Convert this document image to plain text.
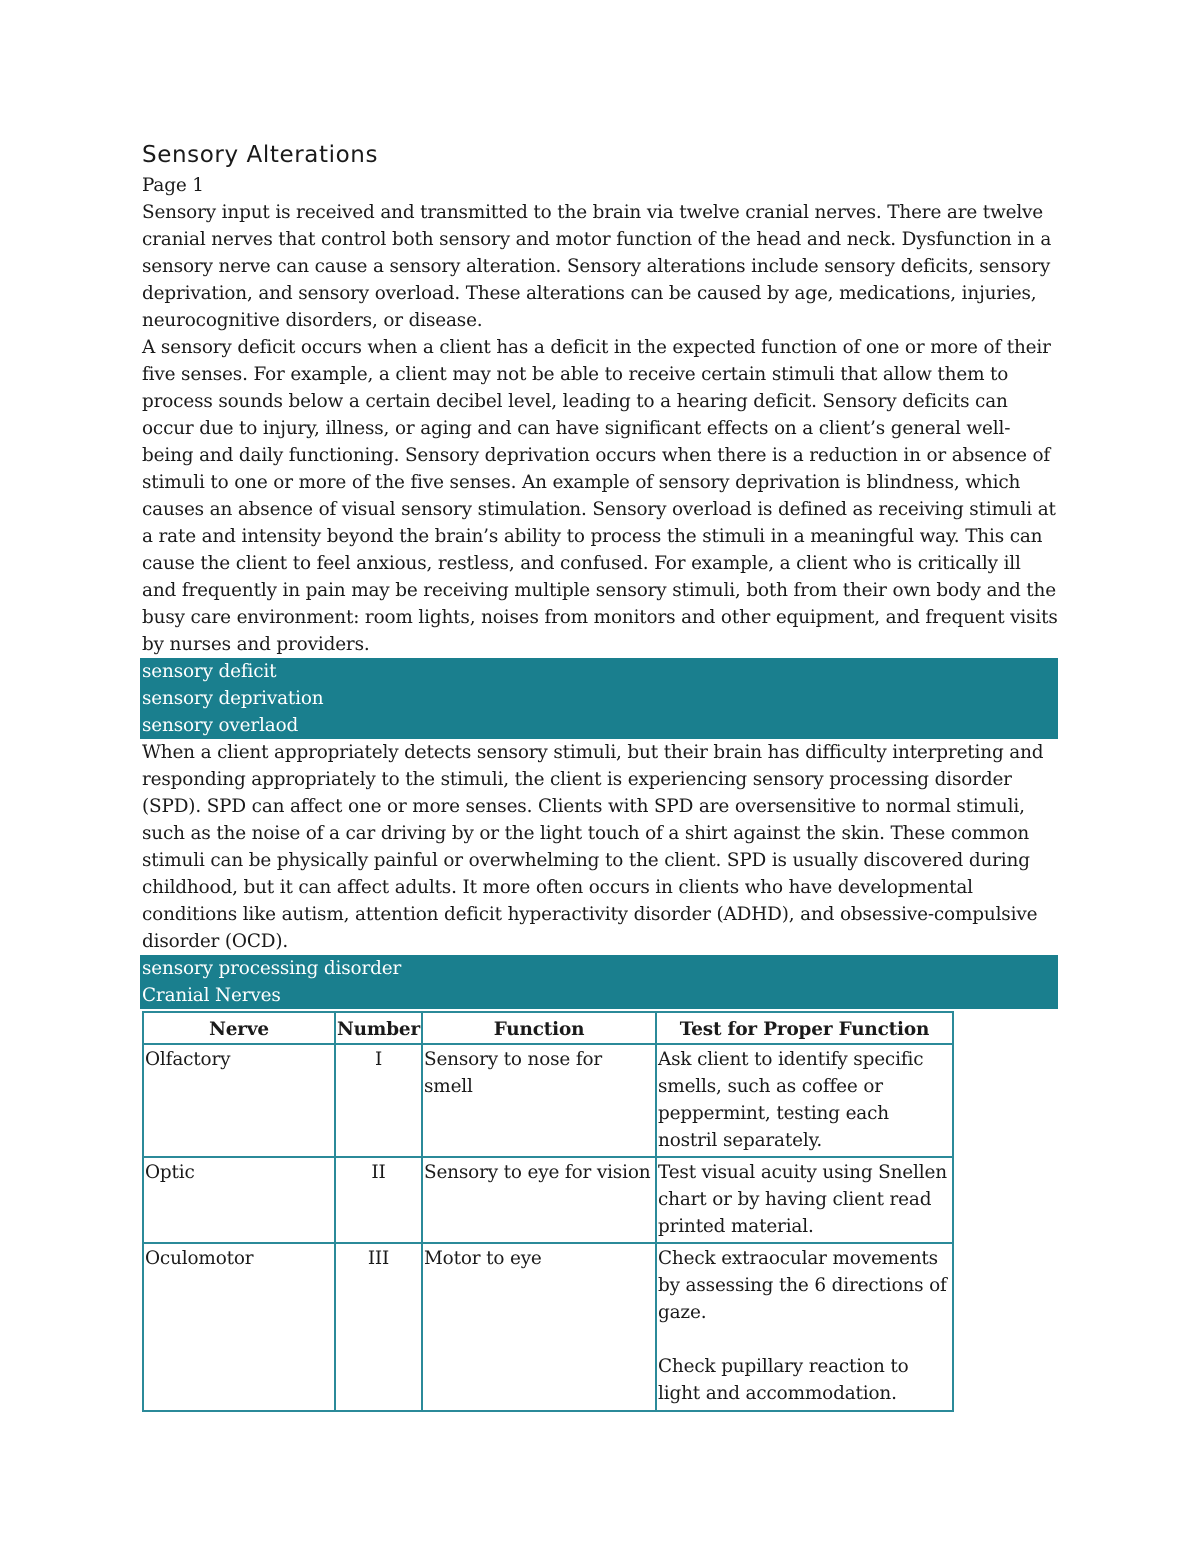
Sensory Alterations

Page 1

Sensory input is received and transmitted to the brain via twelve cranial nerves. There are twelve cranial nerves that control both sensory and motor function of the head and neck. Dysfunction in a sensory nerve can cause a sensory alteration. Sensory alterations include sensory deficits, sensory deprivation, and sensory overload. These alterations can be caused by age, medications, injuries, neurocognitive disorders, or disease.

A sensory deficit occurs when a client has a deficit in the expected function of one or more of their five senses. For example, a client may not be able to receive certain stimuli that allow them to process sounds below a certain decibel level, leading to a hearing deficit. Sensory deficits can occur due to injury, illness, or aging and can have significant effects on a client’s general well-being and daily functioning. Sensory deprivation occurs when there is a reduction in or absence of stimuli to one or more of the five senses. An example of sensory deprivation is blindness, which causes an absence of visual sensory stimulation. Sensory overload is defined as receiving stimuli at a rate and intensity beyond the brain’s ability to process the stimuli in a meaningful way. This can cause the client to feel anxious, restless, and confused. For example, a client who is critically ill and frequently in pain may be receiving multiple sensory stimuli, both from their own body and the busy care environment: room lights, noises from monitors and other equipment, and frequent visits by nurses and providers.

sensory deficit
sensory deprivation
sensory overlaod

When a client appropriately detects sensory stimuli, but their brain has difficulty interpreting and responding appropriately to the stimuli, the client is experiencing sensory processing disorder (SPD). SPD can affect one or more senses. Clients with SPD are oversensitive to normal stimuli, such as the noise of a car driving by or the light touch of a shirt against the skin. These common stimuli can be physically painful or overwhelming to the client. SPD is usually discovered during childhood, but it can affect adults. It more often occurs in clients who have developmental conditions like autism, attention deficit hyperactivity disorder (ADHD), and obsessive-compulsive disorder (OCD).

sensory processing disorder
Cranial Nerves
Nerve	Number	Function	Test for Proper Function
Olfactory	I	Sensory to nose for smell	Ask client to identify specific smells, such as coffee or peppermint, testing each nostril separately.
Optic	II	Sensory to eye for vision	Test visual acuity using Snellen chart or by having client read printed material.
Oculomotor	III	Motor to eye	Check extraocular movements by assessing the 6 directions of gaze.
Check pupillary reaction to light and accommodation.
